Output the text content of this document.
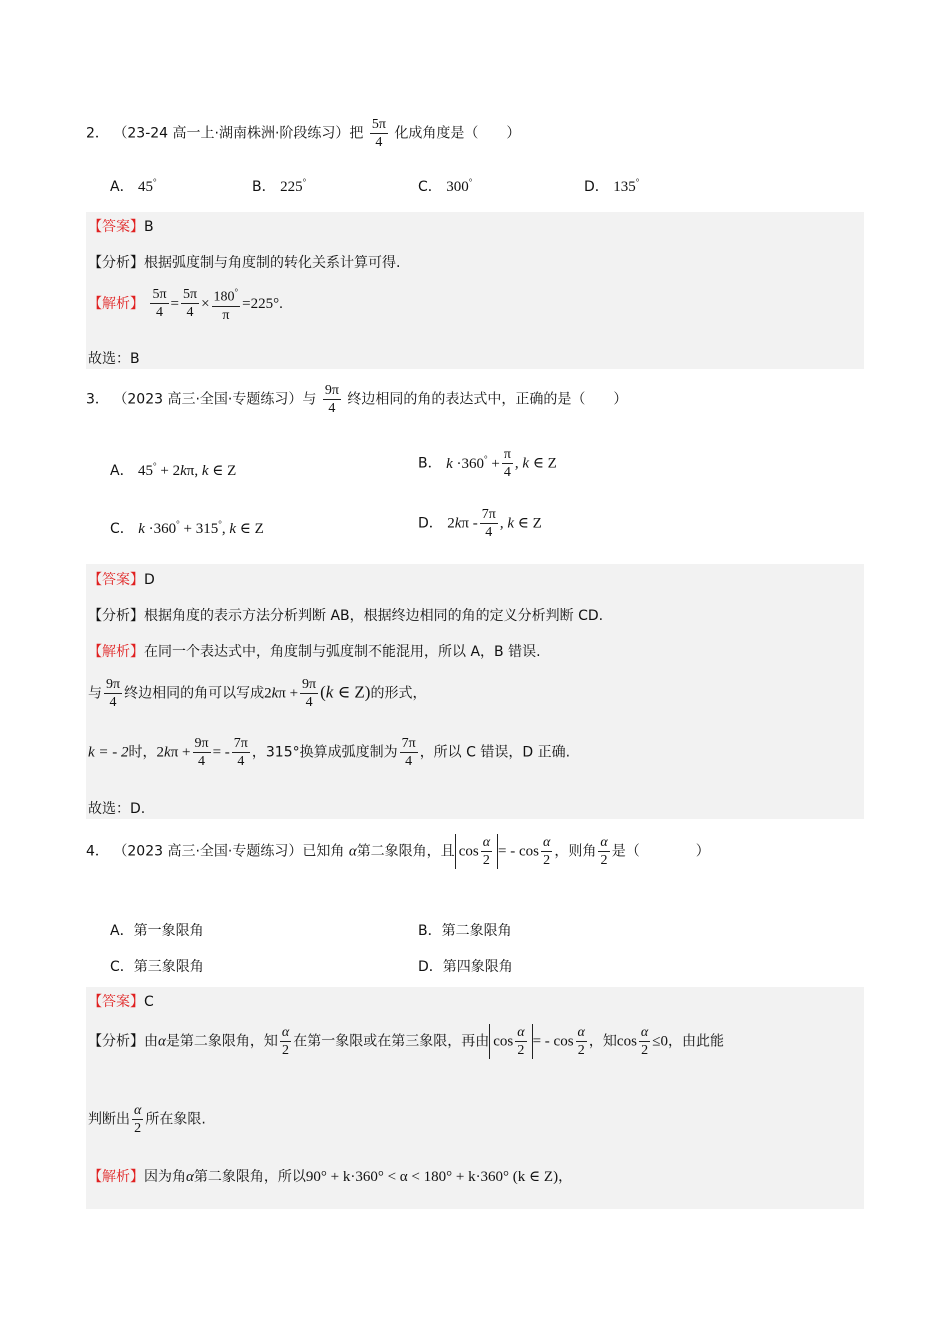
2． （23-24 高一上·湖南株洲·阶段练习）把 $\frac{5\pi}{4}$ 化成角度是（　　）
A． 45°	B． 225°	C． 300°	D． 135°
【答案】B
【分析】根据弧度制与角度制的转化关系计算可得.
【解析】 $\frac{5\pi}{4} = \frac{5\pi}{4} \times \frac{180^\circ}{\pi} =225^\circ$.
故选：B
3． （2023 高三·全国·专题练习）与 $\frac{9\pi}{4}$ 终边相同的角的表达式中，正确的是（　　）
A． 45° + 2kπ, k ∈ Z	B． $k \cdot 360^\circ + \frac{\pi}{4}$ , k ∈ Z
C． k ·360° + 315°, k ∈ Z	D． $2k\pi - \frac{7\pi}{4}$ , k ∈ Z
【答案】D
【分析】根据角度的表示方法分析判断 AB，根据终边相同的角的定义分析判断 CD.
【解析】在同一个表达式中，角度制与弧度制不能混用，所以 A，B 错误.
与 $\frac{9\pi}{4}$ 终边相同的角可以写成$2k\pi + \frac{9\pi}{4} (k$ ∈ Z)的形式，
k = - 2时，$2k\pi + \frac{9\pi}{4}$ = - $\frac{7\pi}{4}$ ，315°换算成弧度制为 $\frac{7\pi}{4}$ ，所以 C 错误，D 正确.
故选：D.
4． （2023 高三·全国·专题练习）已知角 α第二象限角，且 $\cos \frac{\alpha}{2}$ = - $\cos \frac{\alpha}{2}$ ，则角 $\frac{\alpha}{2}$ 是（　　　　）
A．第一象限角	B．第二象限角
C．第三象限角	D．第四象限角
【答案】C
【分析】由α是第二象限角，知 $\frac{\alpha}{2}$ 在第一象限或在第三象限，再由 $\cos \frac{\alpha}{2}$ = - $\cos \frac{\alpha}{2}$ ，知$\cos \frac{\alpha}{2} \le 0$，由此能
判断出 $\frac{\alpha}{2}$ 所在象限.
【解析】因为角α第二象限角，所以90° + k·360° < α < 180° + k·360° (k ∈ Z)，
